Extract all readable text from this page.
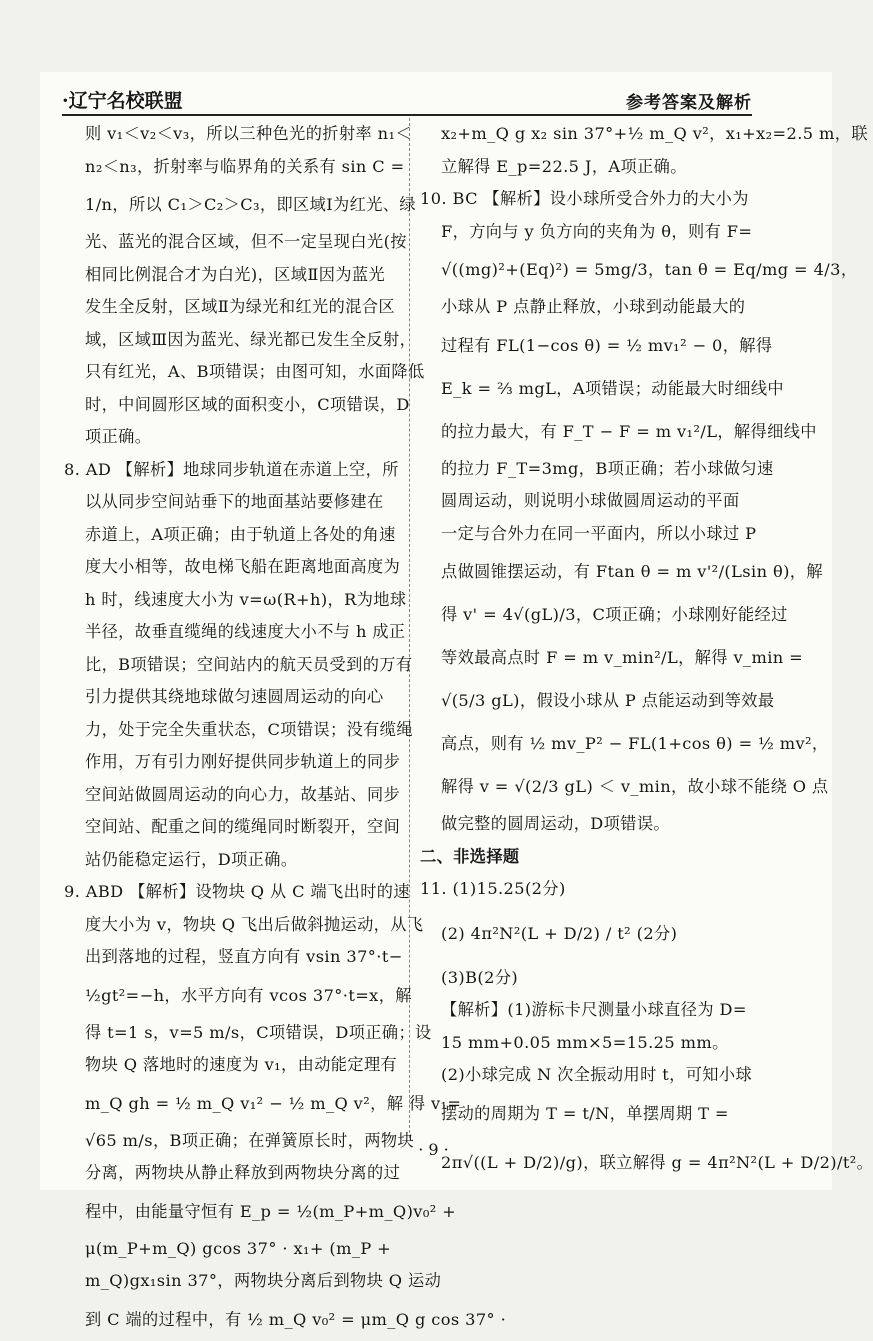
·辽宁名校联盟	参考答案及解析
则 v₁＜v₂＜v₃，所以三种色光的折射率 n₁＜
n₂＜n₃，折射率与临界角的关系有 sin C =
1/n，所以 C₁＞C₂＞C₃，即区域Ⅰ为红光、绿
光、蓝光的混合区域，但不一定呈现白光(按
相同比例混合才为白光)，区域Ⅱ因为蓝光
发生全反射，区域Ⅱ为绿光和红光的混合区
域，区域Ⅲ因为蓝光、绿光都已发生全反射，
只有红光，A、B项错误；由图可知，水面降低
时，中间圆形区域的面积变小，C项错误，D
项正确。
8. AD 【解析】地球同步轨道在赤道上空，所
以从同步空间站垂下的地面基站要修建在
赤道上，A项正确；由于轨道上各处的角速
度大小相等，故电梯飞船在距离地面高度为
h 时，线速度大小为 v=ω(R+h)，R为地球
半径，故垂直缆绳的线速度大小不与 h 成正
比，B项错误；空间站内的航天员受到的万有
引力提供其绕地球做匀速圆周运动的向心
力，处于完全失重状态，C项错误；没有缆绳
作用，万有引力刚好提供同步轨道上的同步
空间站做圆周运动的向心力，故基站、同步
空间站、配重之间的缆绳同时断裂开，空间
站仍能稳定运行，D项正确。
9. ABD 【解析】设物块 Q 从 C 端飞出时的速
度大小为 v，物块 Q 飞出后做斜抛运动，从飞
出到落地的过程，竖直方向有 vsin 37°·t−
½gt²=−h，水平方向有 vcos 37°·t=x，解
得 t=1 s，v=5 m/s，C项错误，D项正确；设
物块 Q 落地时的速度为 v₁，由动能定理有
m_Q gh = ½ m_Q v₁² − ½ m_Q v²，解 得 v₁=
√65 m/s，B项正确；在弹簧原长时，两物块
分离，两物块从静止释放到两物块分离的过
程中，由能量守恒有 E_p = ½(m_P+m_Q)v₀² +
μ(m_P+m_Q) gcos 37° · x₁+ (m_P +
m_Q)gx₁sin 37°，两物块分离后到物块 Q 运动
到 C 端的过程中，有 ½ m_Q v₀² = μm_Q g cos 37° ·
x₂+m_Q g x₂ sin 37°+½ m_Q v²，x₁+x₂=2.5 m，联
立解得 E_p=22.5 J，A项正确。
10. BC 【解析】设小球所受合外力的大小为
F，方向与 y 负方向的夹角为 θ，则有 F=
√((mg)²+(Eq)²) = 5mg/3，tan θ = Eq/mg = 4/3，
小球从 P 点静止释放，小球到动能最大的
过程有 FL(1−cos θ) = ½ mv₁² − 0，解得
E_k = ⅔ mgL，A项错误；动能最大时细线中
的拉力最大，有 F_T − F = m v₁²/L，解得细线中
的拉力 F_T=3mg，B项正确；若小球做匀速
圆周运动，则说明小球做圆周运动的平面
一定与合外力在同一平面内，所以小球过 P
点做圆锥摆运动，有 Ftan θ = m v'²/(Lsin θ)，解
得 v' = 4√(gL)/3，C项正确；小球刚好能经过
等效最高点时 F = m v_min²/L，解得 v_min =
√(5/3 gL)，假设小球从 P 点能运动到等效最
高点，则有 ½ mv_P² − FL(1+cos θ) = ½ mv²，
解得 v = √(2/3 gL) ＜ v_min，故小球不能绕 O 点
做完整的圆周运动，D项错误。
二、非选择题
11. (1)15.25(2分)
(2) 4π²N²(L + D/2) / t² (2分)
(3)B(2分)
【解析】(1)游标卡尺测量小球直径为 D=
15 mm+0.05 mm×5=15.25 mm。
(2)小球完成 N 次全振动用时 t，可知小球
摆动的周期为 T = t/N，单摆周期 T =
2π√((L + D/2)/g)，联立解得 g = 4π²N²(L + D/2)/t²。
· 9 ·
